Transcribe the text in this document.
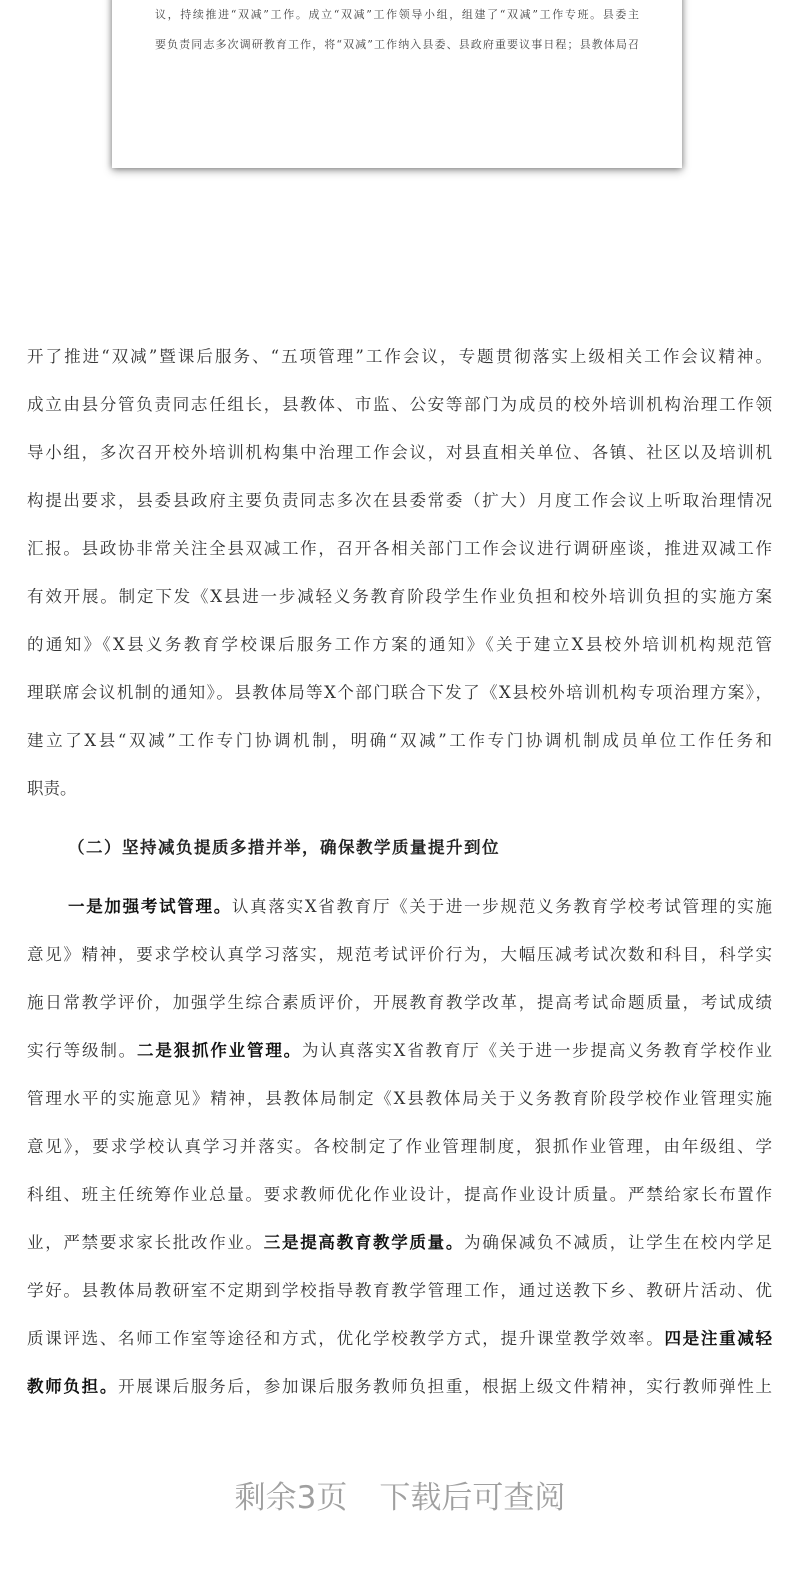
议，持续推进“双减”工作。成立“双减”工作领导小组，组建了“双减”工作专班。县委主
要负责同志多次调研教育工作，将“双减”工作纳入县委、县政府重要议事日程；县教体局召
开了推进“双减”暨课后服务、“五项管理”工作会议，专题贯彻落实上级相关工作会议精神。
成立由县分管负责同志任组长，县教体、市监、公安等部门为成员的校外培训机构治理工作领
导小组，多次召开校外培训机构集中治理工作会议，对县直相关单位、各镇、社区以及培训机
构提出要求，县委县政府主要负责同志多次在县委常委（扩大）月度工作会议上听取治理情况
汇报。县政协非常关注全县双减工作，召开各相关部门工作会议进行调研座谈，推进双减工作
有效开展。制定下发《X县进一步减轻义务教育阶段学生作业负担和校外培训负担的实施方案
的通知》《X县义务教育学校课后服务工作方案的通知》《关于建立X县校外培训机构规范管
理联席会议机制的通知》。县教体局等X个部门联合下发了《X县校外培训机构专项治理方案》，
建立了X县“双减”工作专门协调机制，明确“双减”工作专门协调机制成员单位工作任务和
职责。
（二）坚持减负提质多措并举，确保教学质量提升到位
一是加强考试管理。认真落实X省教育厅《关于进一步规范义务教育学校考试管理的实施
意见》精神，要求学校认真学习落实，规范考试评价行为，大幅压减考试次数和科目，科学实
施日常教学评价，加强学生综合素质评价，开展教育教学改革，提高考试命题质量，考试成绩
实行等级制。二是狠抓作业管理。为认真落实X省教育厅《关于进一步提高义务教育学校作业
管理水平的实施意见》精神，县教体局制定《X县教体局关于义务教育阶段学校作业管理实施
意见》，要求学校认真学习并落实。各校制定了作业管理制度，狠抓作业管理，由年级组、学
科组、班主任统筹作业总量。要求教师优化作业设计，提高作业设计质量。严禁给家长布置作
业，严禁要求家长批改作业。三是提高教育教学质量。为确保减负不减质，让学生在校内学足
学好。县教体局教研室不定期到学校指导教育教学管理工作，通过送教下乡、教研片活动、优
质课评选、名师工作室等途径和方式，优化学校教学方式，提升课堂教学效率。四是注重减轻
教师负担。开展课后服务后，参加课后服务教师负担重，根据上级文件精神，实行教师弹性上
剩余3页 下载后可查阅
